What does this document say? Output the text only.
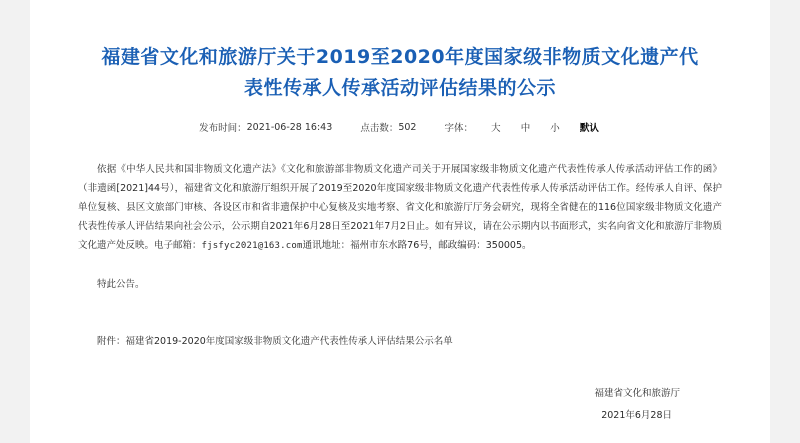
福建省文化和旅游厅关于2019至2020年度国家级非物质文化遗产代表性传承人传承活动评估结果的公示
发布时间：2021-06-28 16:43	点击数：502	字体： 大 中 小 默认

依据《中华人民共和国非物质文化遗产法》《文化和旅游部非物质文化遗产司关于开展国家级非物质文化遗产代表性传承人传承活动评估工作的函》（非遗函[2021]44号），福建省文化和旅游厅组织开展了2019至2020年度国家级非物质文化遗产代表性传承人传承活动评估工作。经传承人自评、保护单位复核、县区文旅部门审核、各设区市和省非遗保护中心复核及实地考察、省文化和旅游厅厅务会研究，现将全省健在的116位国家级非物质文化遗产代表性传承人评估结果向社会公示，公示期自2021年6月28日至2021年7月2日止。如有异议，请在公示期内以书面形式，实名向省文化和旅游厅非物质文化遗产处反映。电子邮箱：fjsfyc2021@163.com通讯地址：福州市东水路76号，邮政编码：350005。

特此公告。

附件：福建省2019-2020年度国家级非物质文化遗产代表性传承人评估结果公示名单
福建省文化和旅游厅
2021年6月28日
